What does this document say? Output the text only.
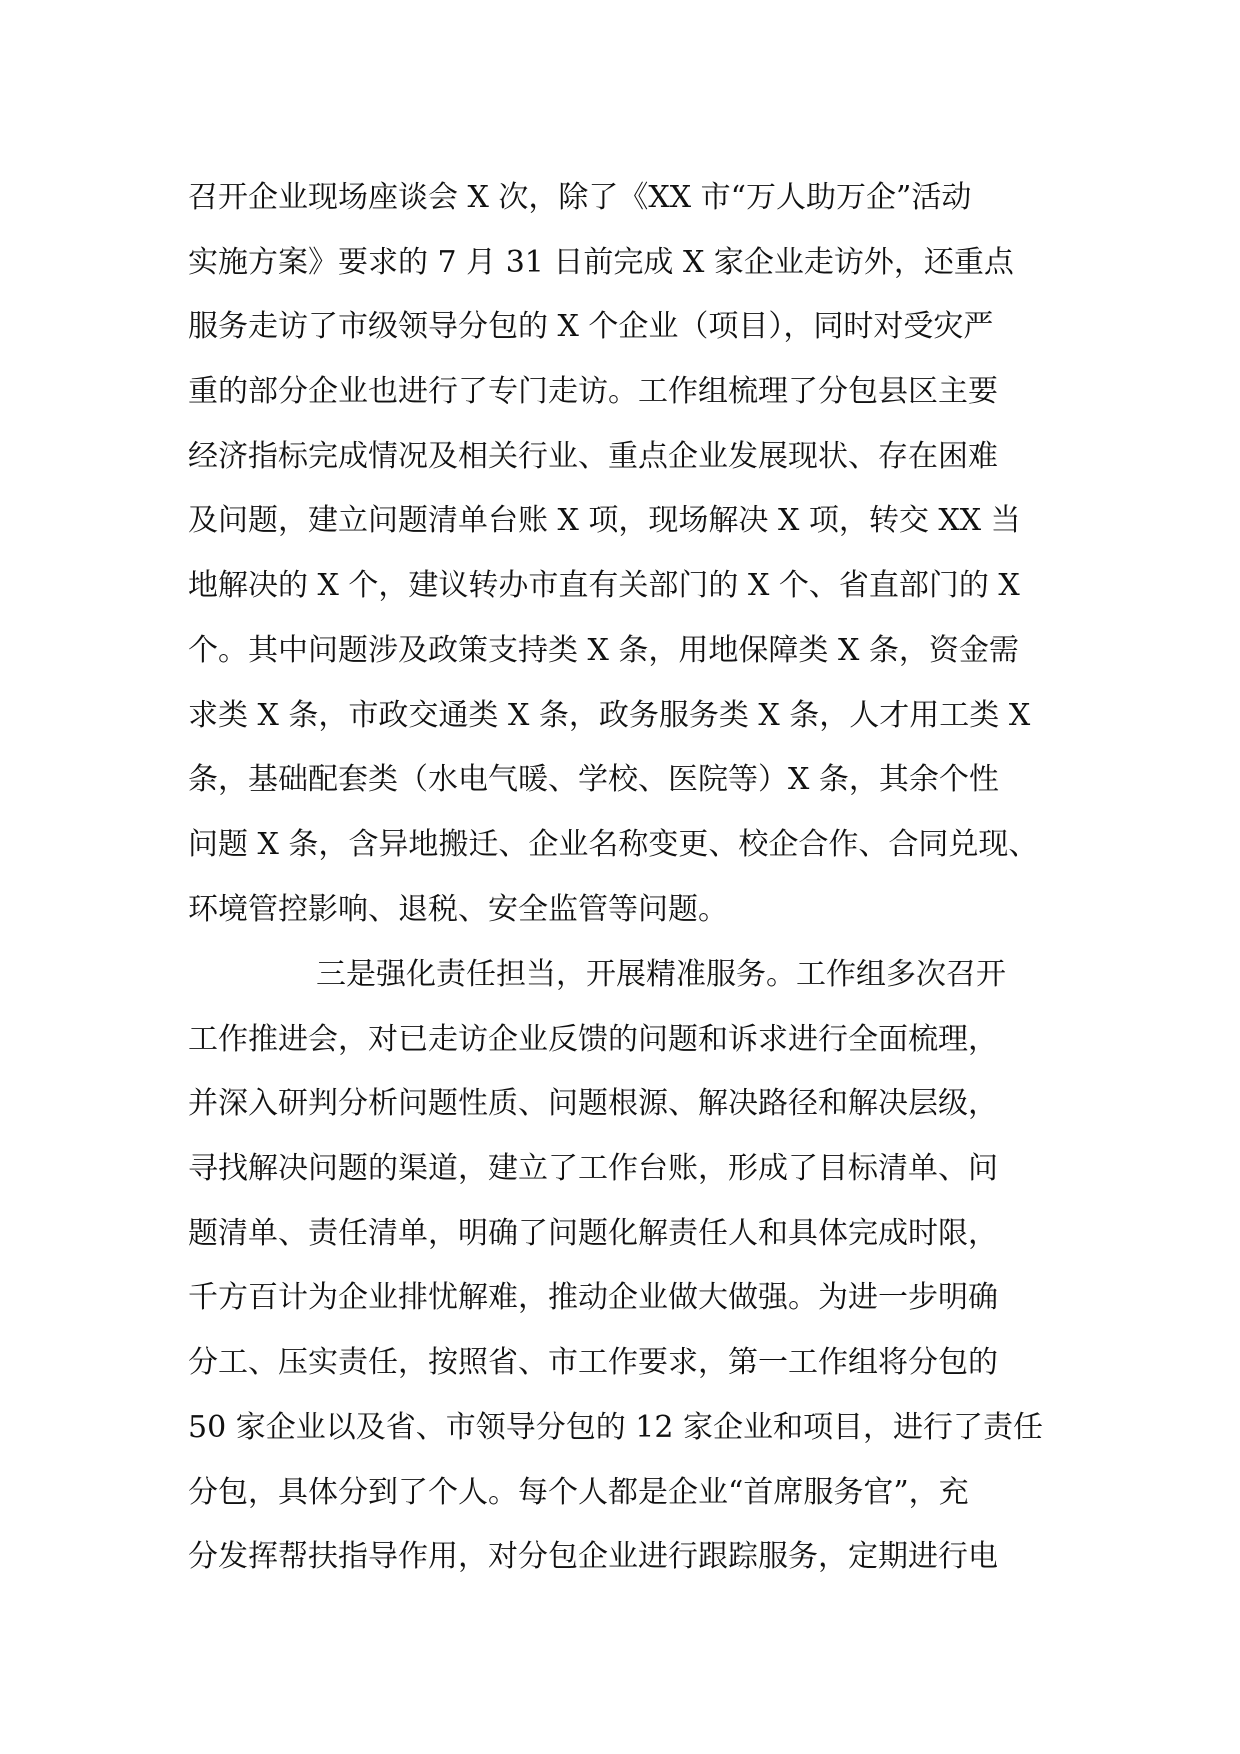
召开企业现场座谈会 X 次，除了《XX 市“万人助万企”活动
实施方案》要求的 7 月 31 日前完成 X 家企业走访外，还重点
服务走访了市级领导分包的 X 个企业（项目），同时对受灾严
重的部分企业也进行了专门走访。工作组梳理了分包县区主要
经济指标完成情况及相关行业、重点企业发展现状、存在困难
及问题，建立问题清单台账 X 项，现场解决 X 项，转交 XX 当
地解决的 X 个，建议转办市直有关部门的 X 个、省直部门的 X
个。其中问题涉及政策支持类 X 条，用地保障类 X 条，资金需
求类 X 条，市政交通类 X 条，政务服务类 X 条，人才用工类 X
条，基础配套类（水电气暖、学校、医院等）X 条，其余个性
问题 X 条，含异地搬迁、企业名称变更、校企合作、合同兑现、
环境管控影响、退税、安全监管等问题。
三是强化责任担当，开展精准服务。工作组多次召开
工作推进会，对已走访企业反馈的问题和诉求进行全面梳理，
并深入研判分析问题性质、问题根源、解决路径和解决层级，
寻找解决问题的渠道，建立了工作台账，形成了目标清单、问
题清单、责任清单，明确了问题化解责任人和具体完成时限，
千方百计为企业排忧解难，推动企业做大做强。为进一步明确
分工、压实责任，按照省、市工作要求，第一工作组将分包的
50 家企业以及省、市领导分包的 12 家企业和项目，进行了责任
分包，具体分到了个人。每个人都是企业“首席服务官”，充
分发挥帮扶指导作用，对分包企业进行跟踪服务，定期进行电
